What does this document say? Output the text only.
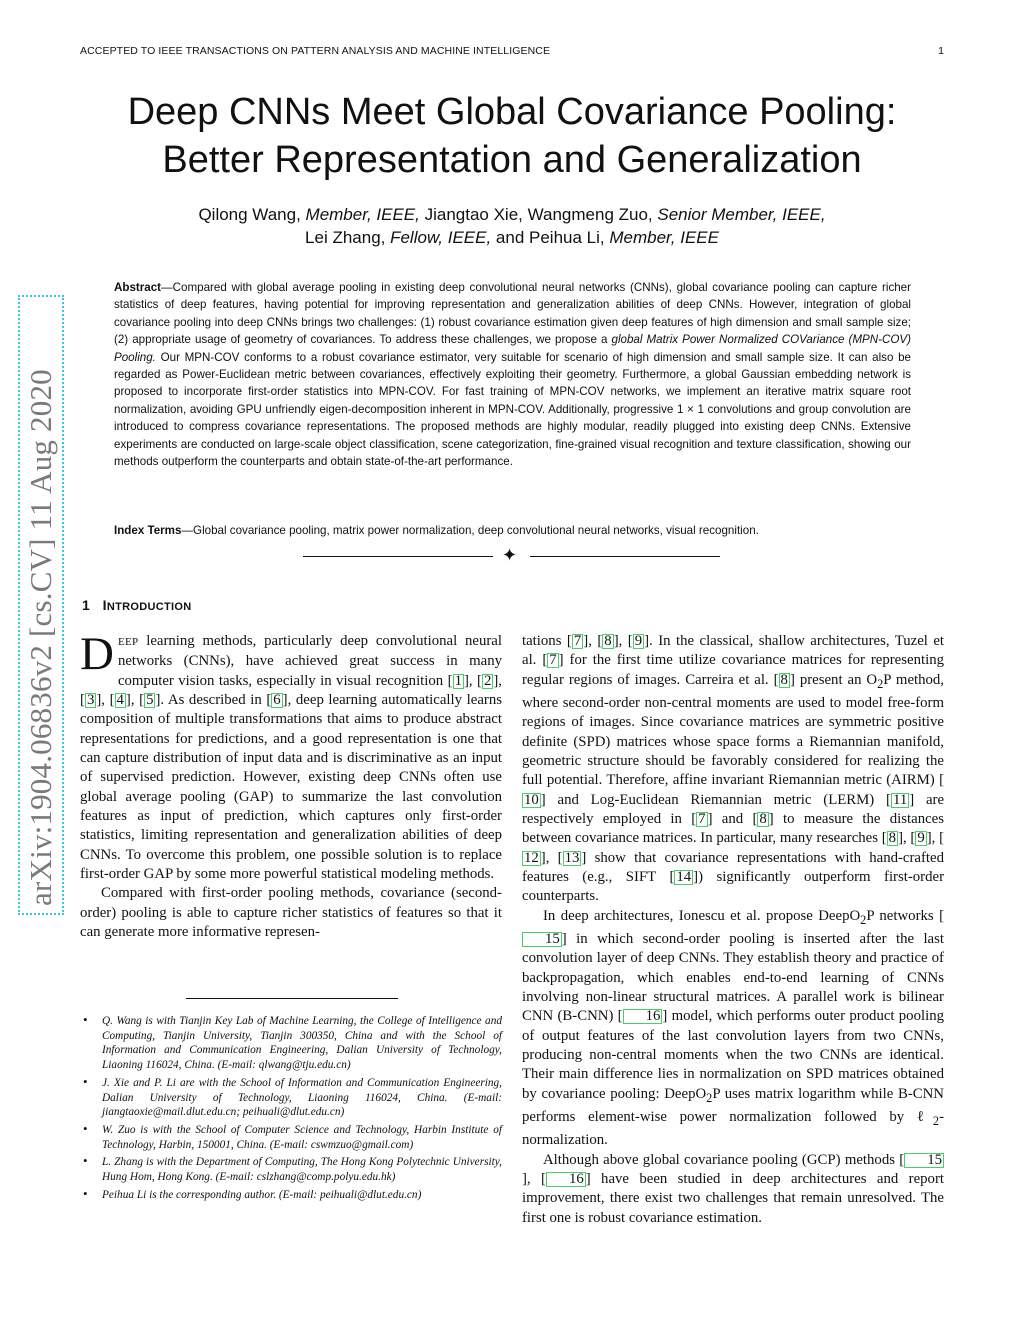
ACCEPTED TO IEEE TRANSACTIONS ON PATTERN ANALYSIS AND MACHINE INTELLIGENCE	1
arXiv:1904.06836v2 [cs.CV] 11 Aug 2020
Deep CNNs Meet Global Covariance Pooling:
Better Representation and Generalization
Qilong Wang, Member, IEEE, Jiangtao Xie, Wangmeng Zuo, Senior Member, IEEE,
Lei Zhang, Fellow, IEEE, and Peihua Li, Member, IEEE
Abstract—Compared with global average pooling in existing deep convolutional neural networks (CNNs), global covariance pooling can capture richer statistics of deep features, having potential for improving representation and generalization abilities of deep CNNs. However, integration of global covariance pooling into deep CNNs brings two challenges: (1) robust covariance estimation given deep features of high dimension and small sample size; (2) appropriate usage of geometry of covariances. To address these challenges, we propose a global Matrix Power Normalized COVariance (MPN-COV) Pooling. Our MPN-COV conforms to a robust covariance estimator, very suitable for scenario of high dimension and small sample size. It can also be regarded as Power-Euclidean metric between covariances, effectively exploiting their geometry. Furthermore, a global Gaussian embedding network is proposed to incorporate first-order statistics into MPN-COV. For fast training of MPN-COV networks, we implement an iterative matrix square root normalization, avoiding GPU unfriendly eigen-decomposition inherent in MPN-COV. Additionally, progressive 1 × 1 convolutions and group convolution are introduced to compress covariance representations. The proposed methods are highly modular, readily plugged into existing deep CNNs. Extensive experiments are conducted on large-scale object classification, scene categorization, fine-grained visual recognition and texture classification, showing our methods outperform the counterparts and obtain state-of-the-art performance.
Index Terms—Global covariance pooling, matrix power normalization, deep convolutional neural networks, visual recognition.
✦
1 INTRODUCTION

DEEP learning methods, particularly deep convolutional neural networks (CNNs), have achieved great success in many computer vision tasks, especially in visual recognition [ 1 ], [ 2 ], [ 3 ], [ 4 ], [ 5 ]. As described in [ 6 ], deep learning automatically learns composition of multiple transformations that aims to produce abstract representations for predictions, and a good representation is one that can capture distribution of input data and is discriminative as an input of supervised prediction. However, existing deep CNNs often use global average pooling (GAP) to summarize the last convolution features as input of prediction, which captures only first-order statistics, limiting representation and generalization abilities of deep CNNs. To overcome this problem, one possible solution is to replace first-order GAP by some more powerful statistical modeling methods.

Compared with first-order pooling methods, covariance (second-order) pooling is able to capture richer statistics of features so that it can generate more informative represen-

tations [ 7 ], [ 8 ], [ 9 ]. In the classical, shallow architectures, Tuzel et al. [ 7 ] for the first time utilize covariance matrices for representing regular regions of images. Carreira et al. [ 8 ] present an $O_2P$ method, where second-order non-central moments are used to model free-form regions of images. Since covariance matrices are symmetric positive definite (SPD) matrices whose space forms a Riemannian manifold, geometric structure should be favorably considered for realizing the full potential. Therefore, affine invariant Riemannian metric (AIRM) [10 ] and Log-Euclidean Riemannian metric (LERM) [ 11 ] are respectively employed in [ 7 ] and [ 8 ] to measure the distances between covariance matrices. In particular, many researches [ 8 ], [ 9 ], [12 ], [ 13 ] show that covariance representations with hand-crafted features (e.g., SIFT [ 14 ]) significantly outperform first-order counterparts.

In deep architectures, Ionescu et al. propose DeepO$_2$P networks [15 ] in which second-order pooling is inserted after the last convolution layer of deep CNNs. They establish theory and practice of backpropagation, which enables end-to-end learning of CNNs involving non-linear structural matrices. A parallel work is bilinear CNN (B-CNN) [ 16 ] model, which performs outer product pooling of output features of the last convolution layers from two CNNs, producing non-central moments when the two CNNs are identical. Their main difference lies in normalization on SPD matrices obtained by covariance pooling: DeepO$_2$P uses matrix logarithm while B-CNN performs element-wise power normalization followed by ℓ$_2$-normalization.

Although above global covariance pooling (GCP) methods [ 15], [ 16 ] have been studied in deep architectures and report improvement, there exist two challenges that remain unresolved. The first one is robust covariance estimation.

• Q. Wang is with Tianjin Key Lab of Machine Learning, the College of Intelligence and Computing, Tianjin University, Tianjin 300350, China and with the School of Information and Communication Engineering, Dalian University of Technology, Liaoning 116024, China. (E-mail: qlwang@tju.edu.cn)
• J. Xie and P. Li are with the School of Information and Communication Engineering, Dalian University of Technology, Liaoning 116024, China. (E-mail: jiangtaoxie@mail.dlut.edu.cn; peihuali@dlut.edu.cn)
• W. Zuo is with the School of Computer Science and Technology, Harbin Institute of Technology, Harbin, 150001, China. (E-mail: cswmzuo@gmail.com)
• L. Zhang is with the Department of Computing, The Hong Kong Polytechnic University, Hung Hom, Hong Kong. (E-mail: cslzhang@comp.polyu.edu.hk)
• Peihua Li is the corresponding author. (E-mail: peihuali@dlut.edu.cn)
